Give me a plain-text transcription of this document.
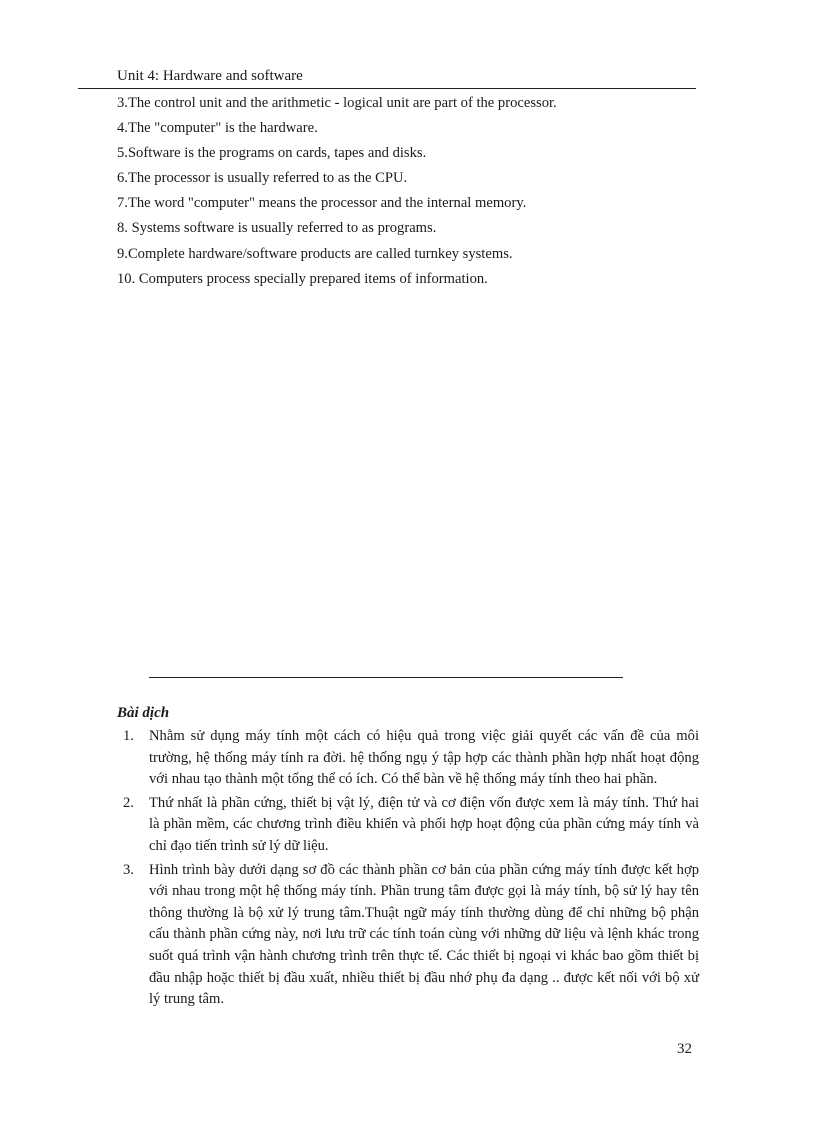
Unit 4: Hardware and software
3.The control unit and the arithmetic - logical unit are part of the processor.
4.The "computer" is the hardware.
5.Software is the programs on cards, tapes and disks.
6.The processor is usually referred to as the CPU.
7.The word "computer" means the processor and the internal memory.
8. Systems software is usually referred to as programs.
9.Complete hardware/software products are called turnkey systems.
10. Computers process specially prepared items of information.
Bài dịch
1. Nhằm sử dụng máy tính một cách có hiệu quả trong việc giải quyết các vấn đề của môi trường, hệ thống máy tính ra đời. hệ thống ngụ ý tập hợp các thành phần hợp nhất hoạt động với nhau tạo thành một tổng thể có ích. Có thể bàn về hệ thống máy tính theo hai phần.
2. Thứ nhất là phần cứng, thiết bị vật lý, điện tử và cơ điện vốn được xem là máy tính. Thứ hai là phần mềm, các chương trình điều khiển và phối hợp hoạt động của phần cứng máy tính và chỉ đạo tiến trình sử lý dữ liệu.
3. Hình trình bày dưới dạng sơ đồ các thành phần cơ bản của phần cứng máy tính được kết hợp với nhau trong một hệ thống máy tính. Phần trung tâm được gọi là máy tính, bộ sử lý hay tên thông thường là bộ xử lý trung tâm.Thuật ngữ máy tính thường dùng để chỉ những bộ phận cấu thành phần cứng này, nơi lưu trữ các tính toán cùng với những dữ liệu và lệnh khác trong suốt quá trình vận hành chương trình trên thực tế. Các thiết bị ngoại vi khác bao gồm thiết bị đầu nhập hoặc thiết bị đầu xuất, nhiều thiết bị đầu nhớ phụ đa dạng .. được kết nối với bộ xử lý trung tâm.
32
